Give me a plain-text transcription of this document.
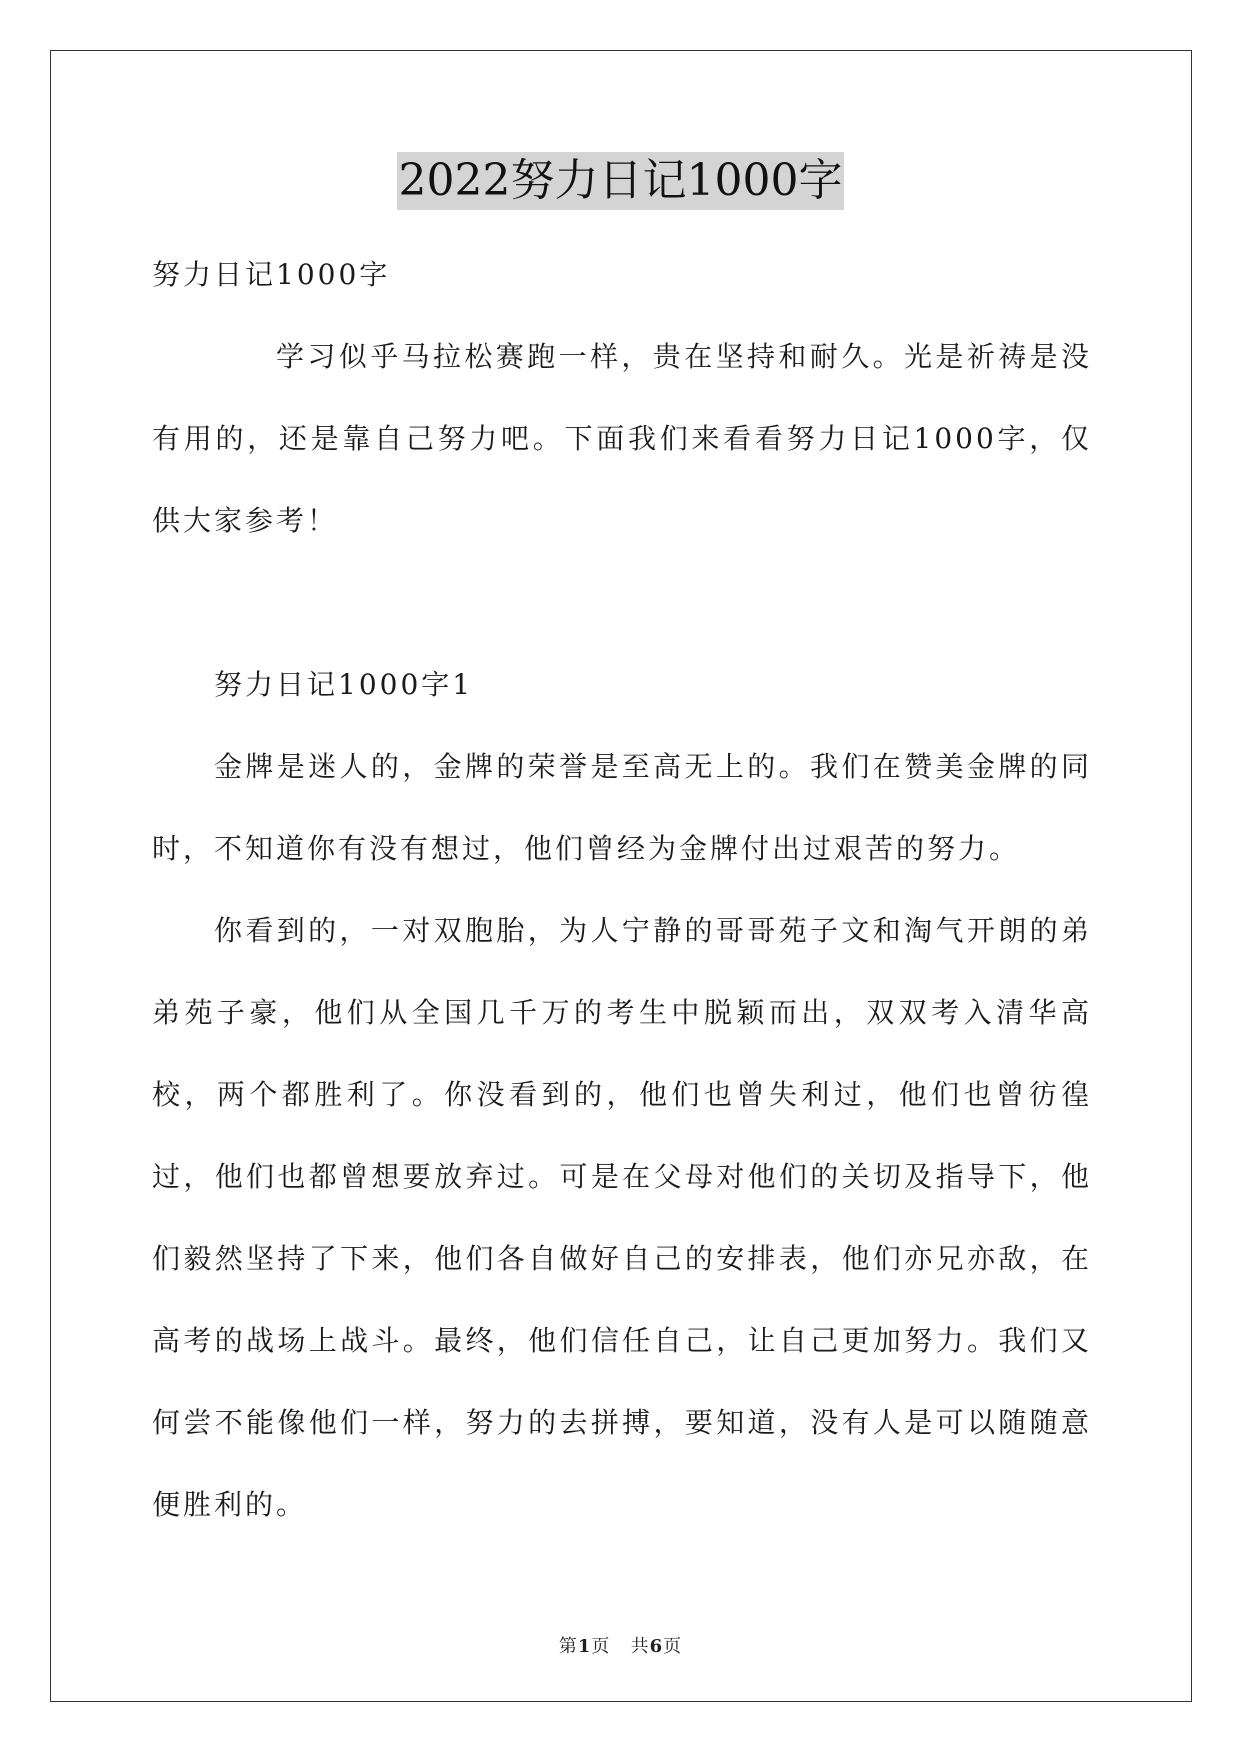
2022努力日记1000字

努力日记1000字

学习似乎马拉松赛跑一样，贵在坚持和耐久。光是祈祷是没有用的，还是靠自己努力吧。下面我们来看看努力日记1000字，仅供大家参考！

努力日记1000字1

金牌是迷人的，金牌的荣誉是至高无上的。我们在赞美金牌的同时，不知道你有没有想过，他们曾经为金牌付出过艰苦的努力。

你看到的，一对双胞胎，为人宁静的哥哥苑子文和淘气开朗的弟弟苑子豪，他们从全国几千万的考生中脱颖而出，双双考入清华高校，两个都胜利了。你没看到的，他们也曾失利过，他们也曾彷徨过，他们也都曾想要放弃过。可是在父母对他们的关切及指导下，他们毅然坚持了下来，他们各自做好自己的安排表，他们亦兄亦敌，在高考的战场上战斗。最终，他们信任自己，让自己更加努力。我们又何尝不能像他们一样，努力的去拼搏，要知道，没有人是可以随随意便胜利的。

第1页 共6页
